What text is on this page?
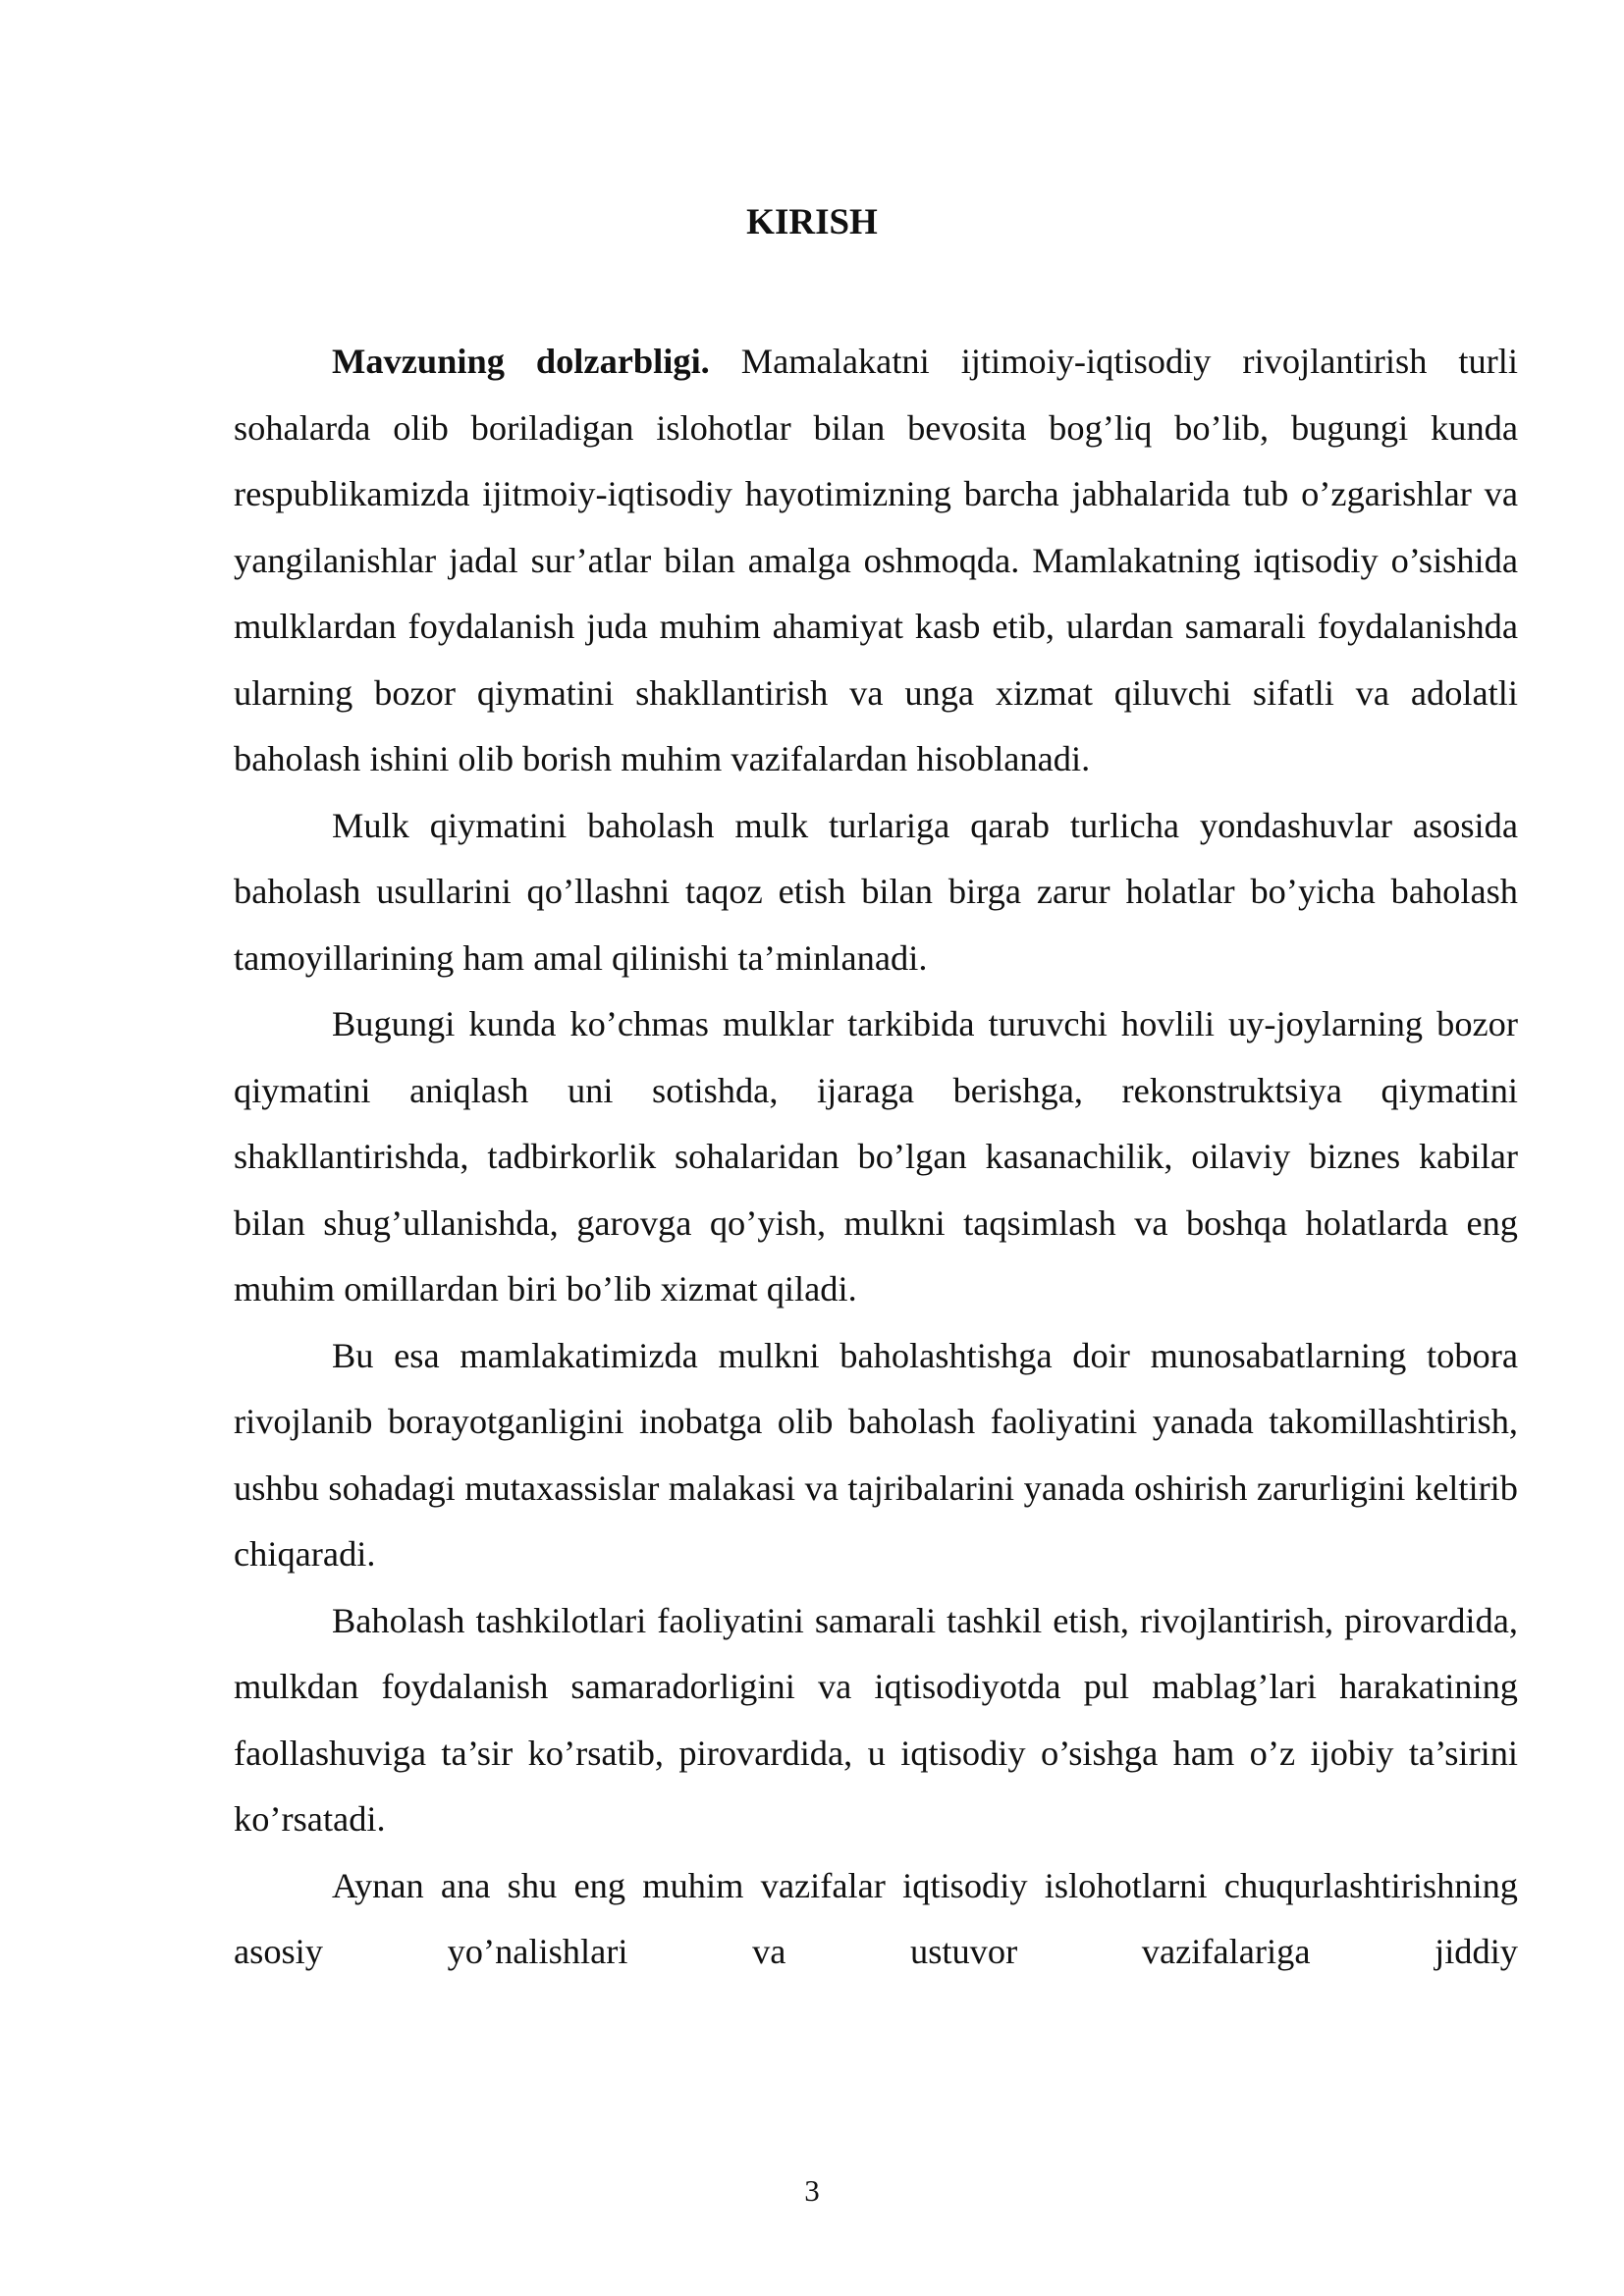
KIRISH

Mavzuning dolzarbligi. Mamalakatni ijtimoiy-iqtisodiy rivojlantirish turli sohalarda olib boriladigan islohotlar bilan bevosita bog’liq bo’lib, bugungi kunda respublikamizda ijitmoiy-iqtisodiy hayotimizning barcha jabhalarida tub o’zgarishlar va yangilanishlar jadal sur’atlar bilan amalga oshmoqda. Mamlakatning iqtisodiy o’sishida mulklardan foydalanish juda muhim ahamiyat kasb etib, ulardan samarali foydalanishda ularning bozor qiymatini shakllantirish va unga xizmat qiluvchi sifatli va adolatli baholash ishini olib borish muhim vazifalardan hisoblanadi.

Mulk qiymatini baholash mulk turlariga qarab turlicha yondashuvlar asosida baholash usullarini qo’llashni taqoz etish bilan birga zarur holatlar bo’yicha baholash tamoyillarining ham amal qilinishi ta’minlanadi.

Bugungi kunda ko’chmas mulklar tarkibida turuvchi hovlili uy-joylarning bozor qiymatini aniqlash uni sotishda, ijaraga berishga, rekonstruktsiya qiymatini shakllantirishda, tadbirkorlik sohalaridan bo’lgan kasanachilik, oilaviy biznes kabilar bilan shug’ullanishda, garovga qo’yish, mulkni taqsimlash va boshqa holatlarda eng muhim omillardan biri bo’lib xizmat qiladi.

Bu esa mamlakatimizda mulkni baholashtishga doir munosabatlarning tobora rivojlanib borayotganligini inobatga olib baholash faoliyatini yanada takomillashtirish, ushbu sohadagi mutaxassislar malakasi va tajribalarini yanada oshirish zarurligini keltirib chiqaradi.

Baholash tashkilotlari faoliyatini samarali tashkil etish, rivojlantirish, pirovardida, mulkdan foydalanish samaradorligini va iqtisodiyotda pul mablag’lari harakatining faollashuviga ta’sir ko’rsatib, pirovardida, u iqtisodiy o’sishga ham o’z ijobiy ta’sirini ko’rsatadi.

Aynan ana shu eng muhim vazifalar iqtisodiy islohotlarni chuqurlashtirishning asosiy yo’nalishlari va ustuvor vazifalariga jiddiy

3
